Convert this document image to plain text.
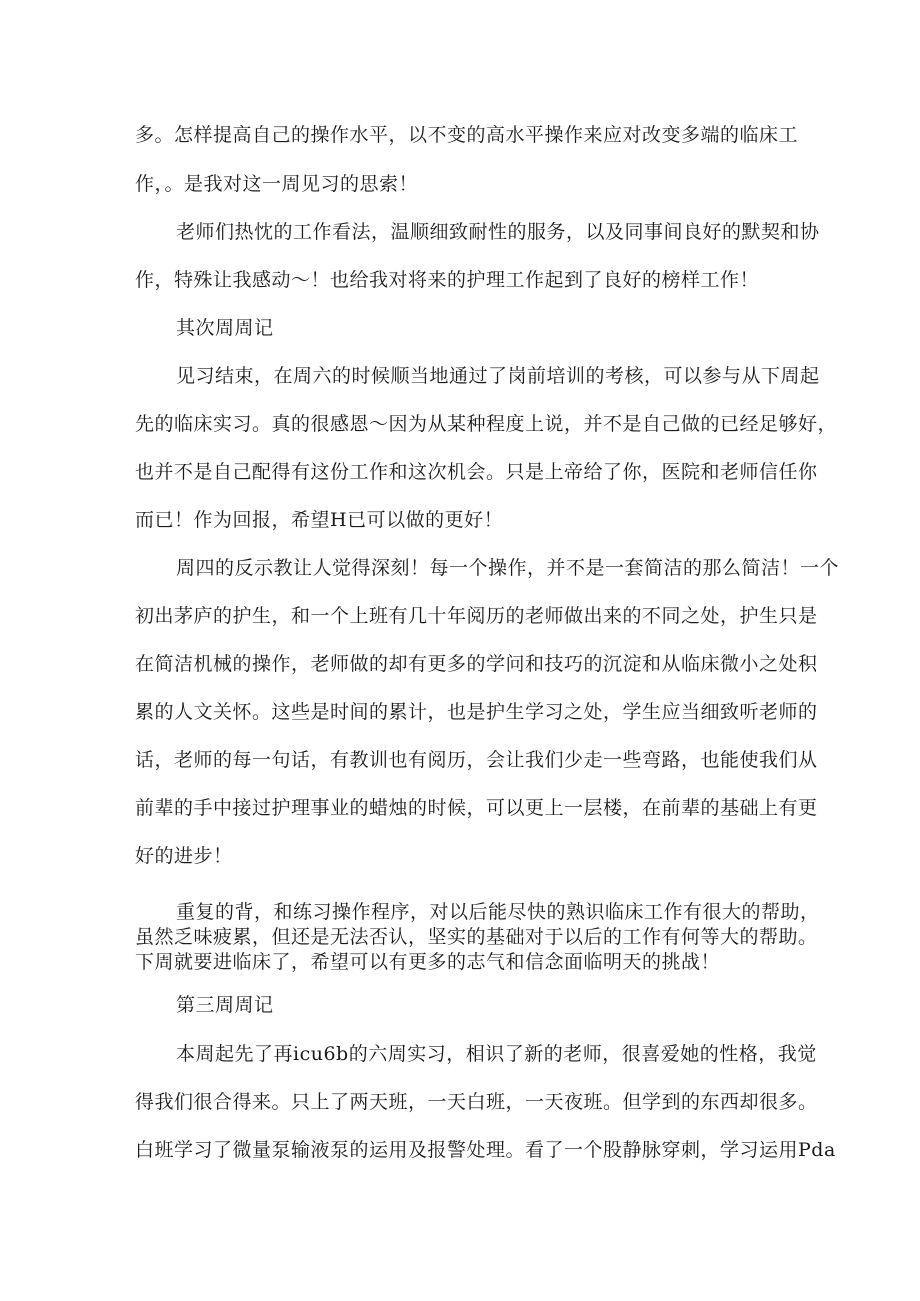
多。怎样提高自己的操作水平，以不变的高水平操作来应对改变多端的临床工
作，。是我对这一周见习的思索！
老师们热忱的工作看法，温顺细致耐性的服务，以及同事间良好的默契和协
作，特殊让我感动～！也给我对将来的护理工作起到了良好的榜样工作！
其次周周记
见习结束，在周六的时候顺当地通过了岗前培训的考核，可以参与从下周起
先的临床实习。真的很感恩～因为从某种程度上说，并不是自己做的已经足够好，
也并不是自己配得有这份工作和这次机会。只是上帝给了你，医院和老师信任你
而已！作为回报，希望H已可以做的更好！
周四的反示教让人觉得深刻！每一个操作，并不是一套简洁的那么简洁！一个
初出茅庐的护生，和一个上班有几十年阅历的老师做出来的不同之处，护生只是
在简洁机械的操作，老师做的却有更多的学问和技巧的沉淀和从临床微小之处积
累的人文关怀。这些是时间的累计，也是护生学习之处，学生应当细致听老师的
话，老师的每一句话，有教训也有阅历，会让我们少走一些弯路，也能使我们从
前辈的手中接过护理事业的蜡烛的时候，可以更上一层楼，在前辈的基础上有更
好的进步！
重复的背，和练习操作程序，对以后能尽快的熟识临床工作有很大的帮助，
虽然乏味疲累，但还是无法否认，坚实的基础对于以后的工作有何等大的帮助。
下周就要进临床了，希望可以有更多的志气和信念面临明天的挑战！
第三周周记
本周起先了再icu6b的六周实习，相识了新的老师，很喜爱她的性格，我觉
得我们很合得来。只上了两天班，一天白班，一天夜班。但学到的东西却很多。
白班学习了微量泵输液泵的运用及报警处理。看了一个股静脉穿刺，学习运用Pda
